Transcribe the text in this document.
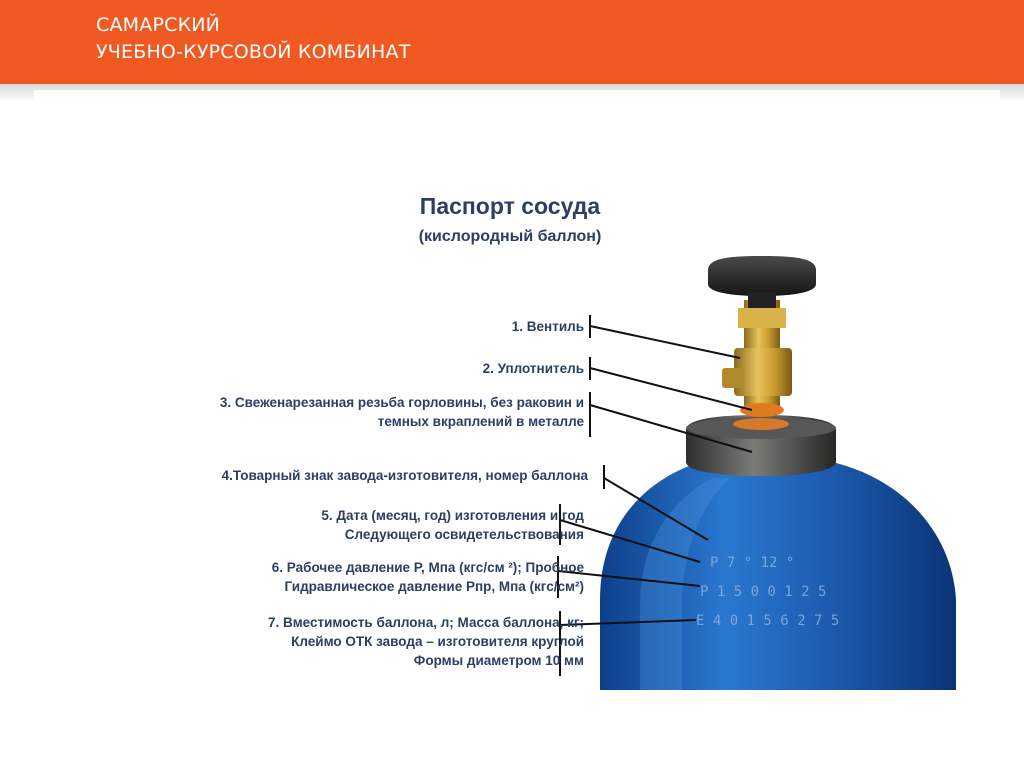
САМАРСКИЙ
УЧЕБНО-КУРСОВОЙ КОМБИНАТ
Р 7 ° 12 °
Р 1 5 0 0 1 2 5
Е 4 0 1 5 6 2 7 5
Паспорт сосуда
(кислородный баллон)
1. Вентиль
2. Уплотнитель
3. Свеженарезанная резьба горловины, без раковин и
темных вкраплений в металле
4.Товарный знак завода-изготовителя, номер баллона
5. Дата (месяц, год) изготовления и год
Следующего освидетельствования
6. Рабочее давление Р, Мпа (кгс/см ²); Пробное
Гидравлическое давление Рпр, Мпа (кгс/см²)
7. Вместимость баллона, л; Масса баллона, кг;
Клеймо ОТК завода – изготовителя круглой
Формы диаметром 10 мм
